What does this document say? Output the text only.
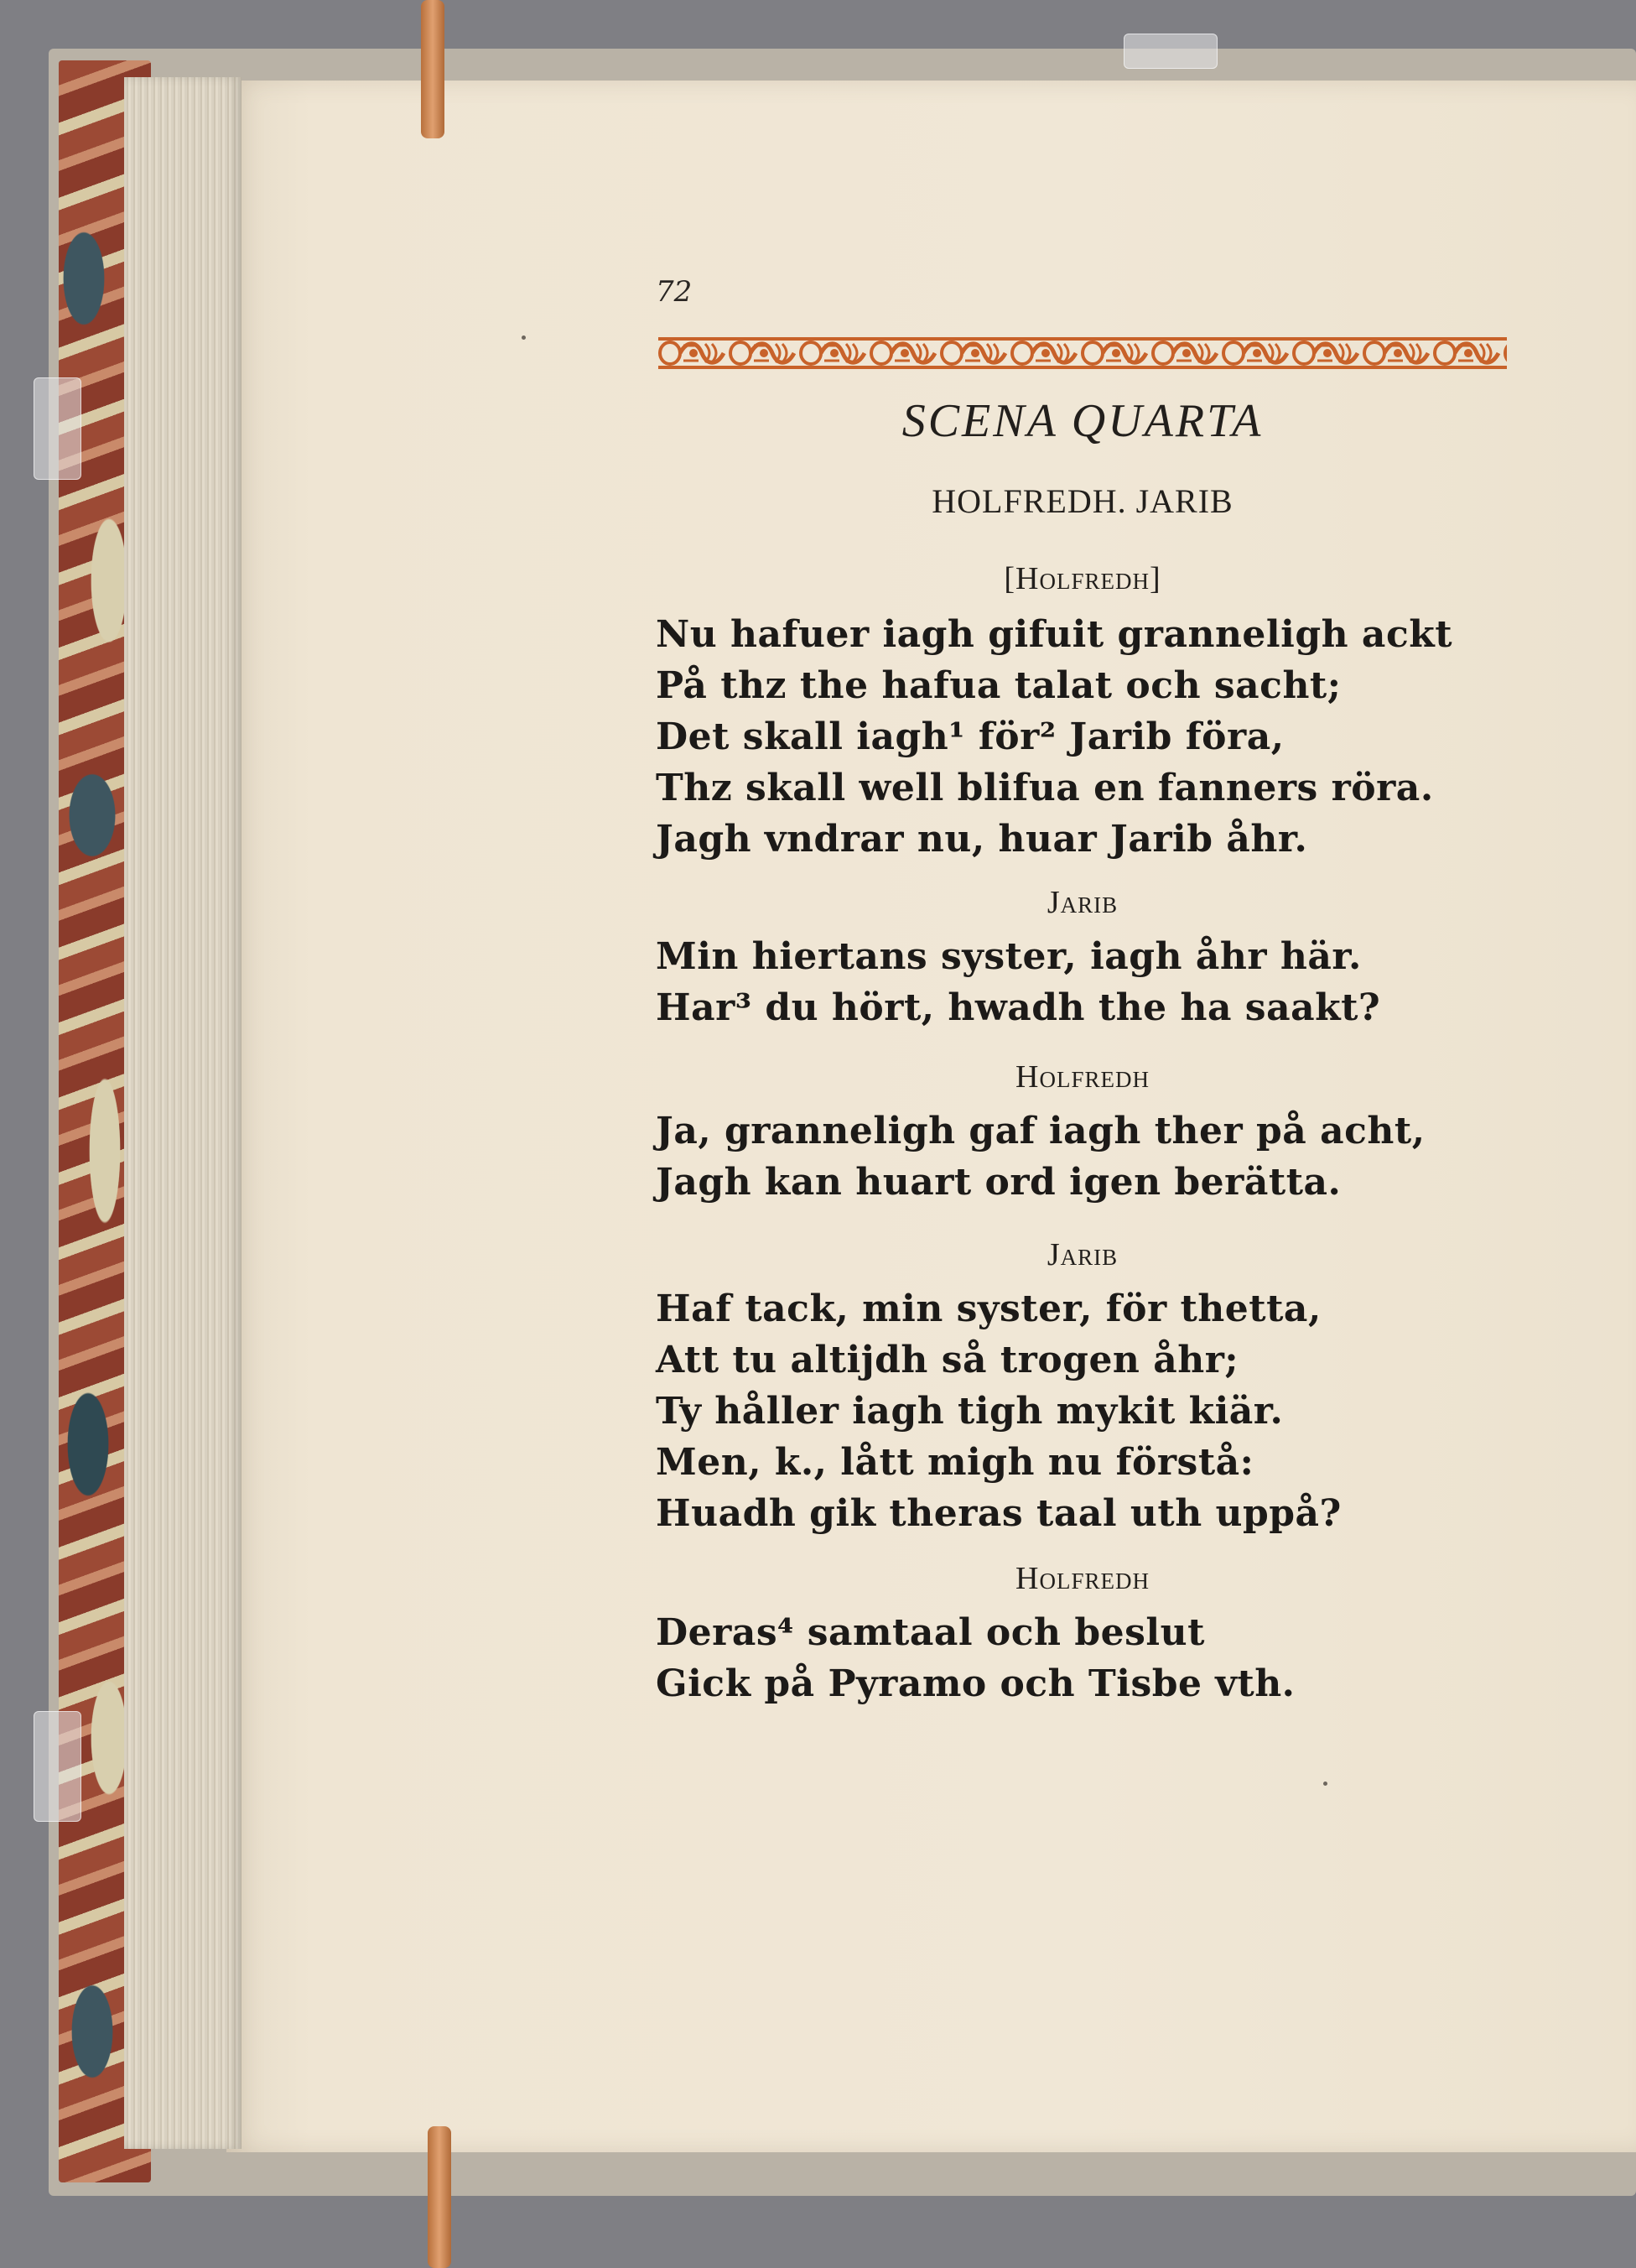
72
SCENA QUARTA
HOLFREDH. JARIB
[Holfredh]
Nu hafuer iagh gifuit granneligh ackt
På thz the hafua talat och sacht;
Det skall iagh¹ för² Jarib föra,
Thz skall well blifua en fanners röra.
Jagh vndrar nu, huar Jarib åhr.
Jarib
Min hiertans syster, iagh åhr här.
Har³ du hört, hwadh the ha saakt?
Holfredh
Ja, granneligh gaf iagh ther på acht,
Jagh kan huart ord igen berätta.
Jarib
Haf tack, min syster, för thetta,
Att tu altijdh så trogen åhr;
Ty håller iagh tigh mykit kiär.
Men, k., lått migh nu förstå:
Huadh gik theras taal uth uppå?
Holfredh
Deras⁴ samtaal och beslut
Gick på Pyramo och Tisbe vth.
